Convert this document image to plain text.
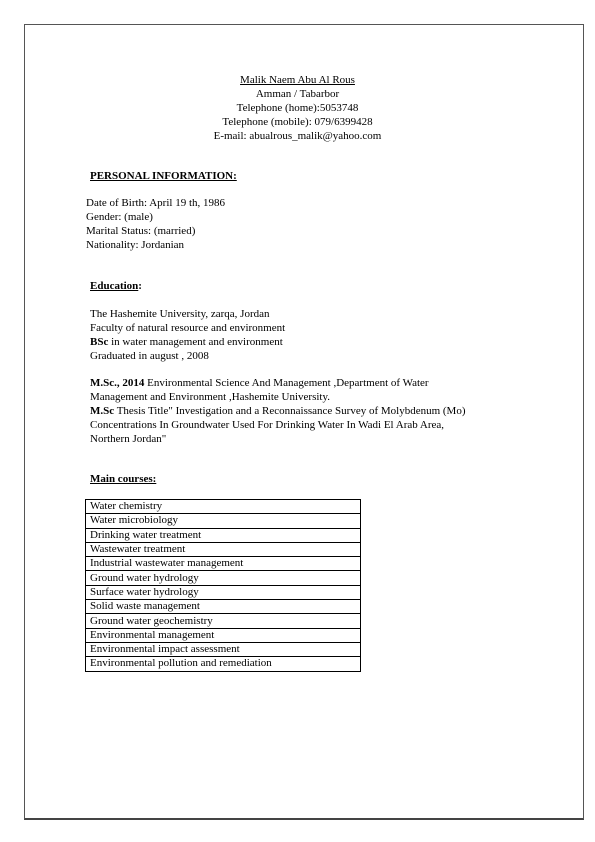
Malik Naem Abu Al Rous
Amman / Tabarbor
Telephone (home):5053748
Telephone (mobile): 079/6399428
E-mail: abualrous_malik@yahoo.com
PERSONAL INFORMATION:
Date of Birth: April 19 th, 1986
Gender: (male)
Marital Status: (married)
Nationality: Jordanian
Education:
The Hashemite University, zarqa, Jordan
Faculty of natural resource and environment
BSc in water management and environment
Graduated in august , 2008
M.Sc., 2014 Environmental Science And Management ,Department of Water
Management and Environment ,Hashemite University.
M.Sc Thesis Title" Investigation and a Reconnaissance Survey of Molybdenum (Mo)
Concentrations In Groundwater Used For Drinking Water In Wadi El Arab Area,
Northern Jordan"
Main courses:
Water chemistry
Water microbiology
Drinking water treatment
Wastewater treatment
Industrial wastewater management
Ground water hydrology
Surface water hydrology
Solid waste management
Ground water geochemistry
Environmental management
Environmental impact assessment
Environmental pollution and remediation
